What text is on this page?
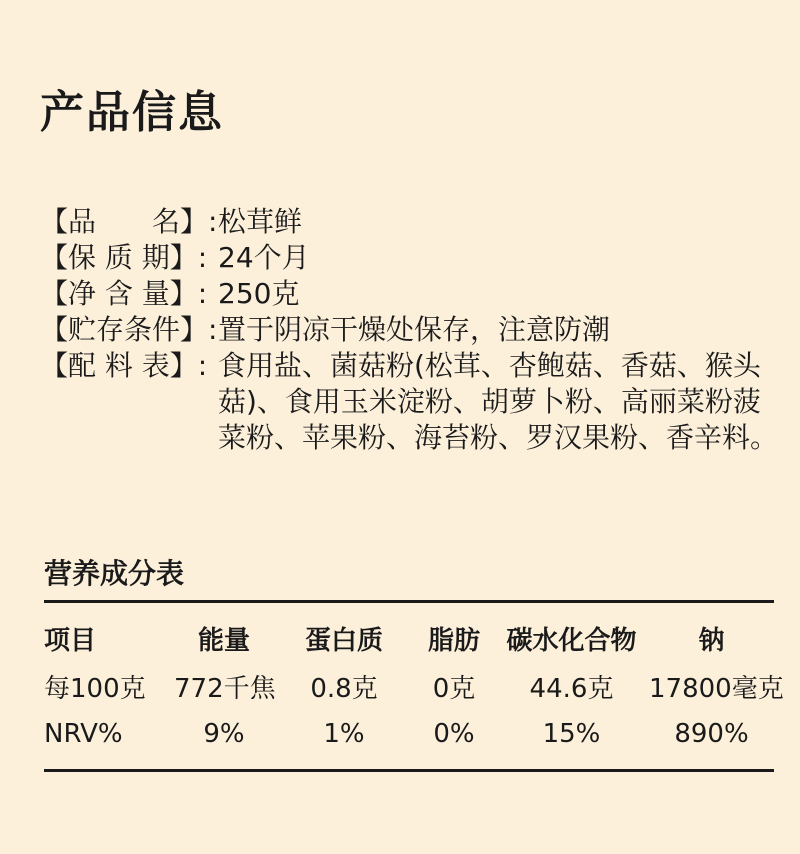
产品信息
【品　　名】: 松茸鲜
【保 质 期】: 24个月
【净 含 量】: 250克
【贮存条件】: 置于阴凉干燥处保存，注意防潮
【配 料 表】: 食用盐、菌菇粉(松茸、杏鲍菇、香菇、猴头菇)、食用玉米淀粉、胡萝卜粉、高丽菜粉菠菜粉、苹果粉、海苔粉、罗汉果粉、香辛料。
营养成分表
项目	能量	蛋白质	脂肪	碳水化合物	钠
每100克	772千焦	0.8克	0克	44.6克	17800毫克
NRV%	9%	1%	0%	15%	890%
